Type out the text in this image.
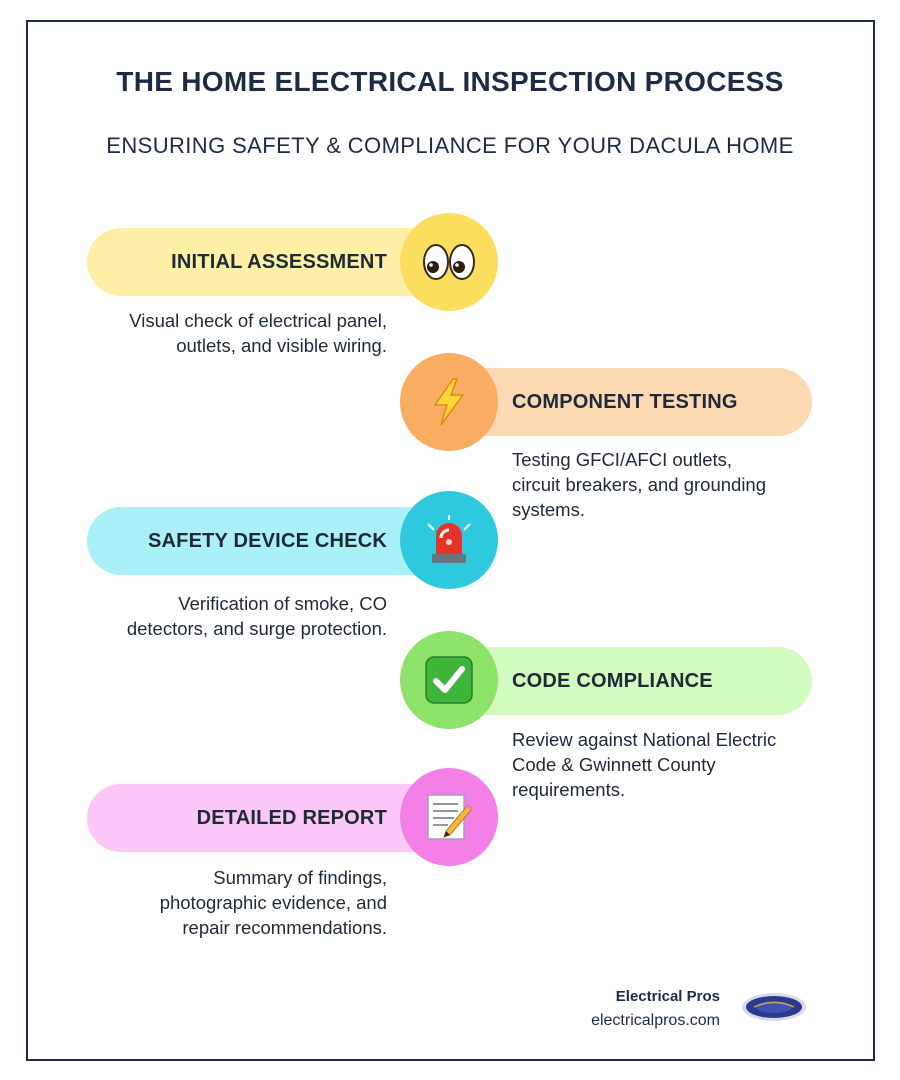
THE HOME ELECTRICAL INSPECTION PROCESS
ENSURING SAFETY & COMPLIANCE FOR YOUR DACULA HOME
INITIAL ASSESSMENT
Visual check of electrical panel, outlets, and visible wiring.
COMPONENT TESTING
Testing GFCI/AFCI outlets, circuit breakers, and grounding systems.
SAFETY DEVICE CHECK
Verification of smoke, CO detectors, and surge protection.
CODE COMPLIANCE
Review against National Electric Code & Gwinnett County requirements.
DETAILED REPORT
Summary of findings, photographic evidence, and repair recommendations.
Electrical Pros
electricalpros.com
